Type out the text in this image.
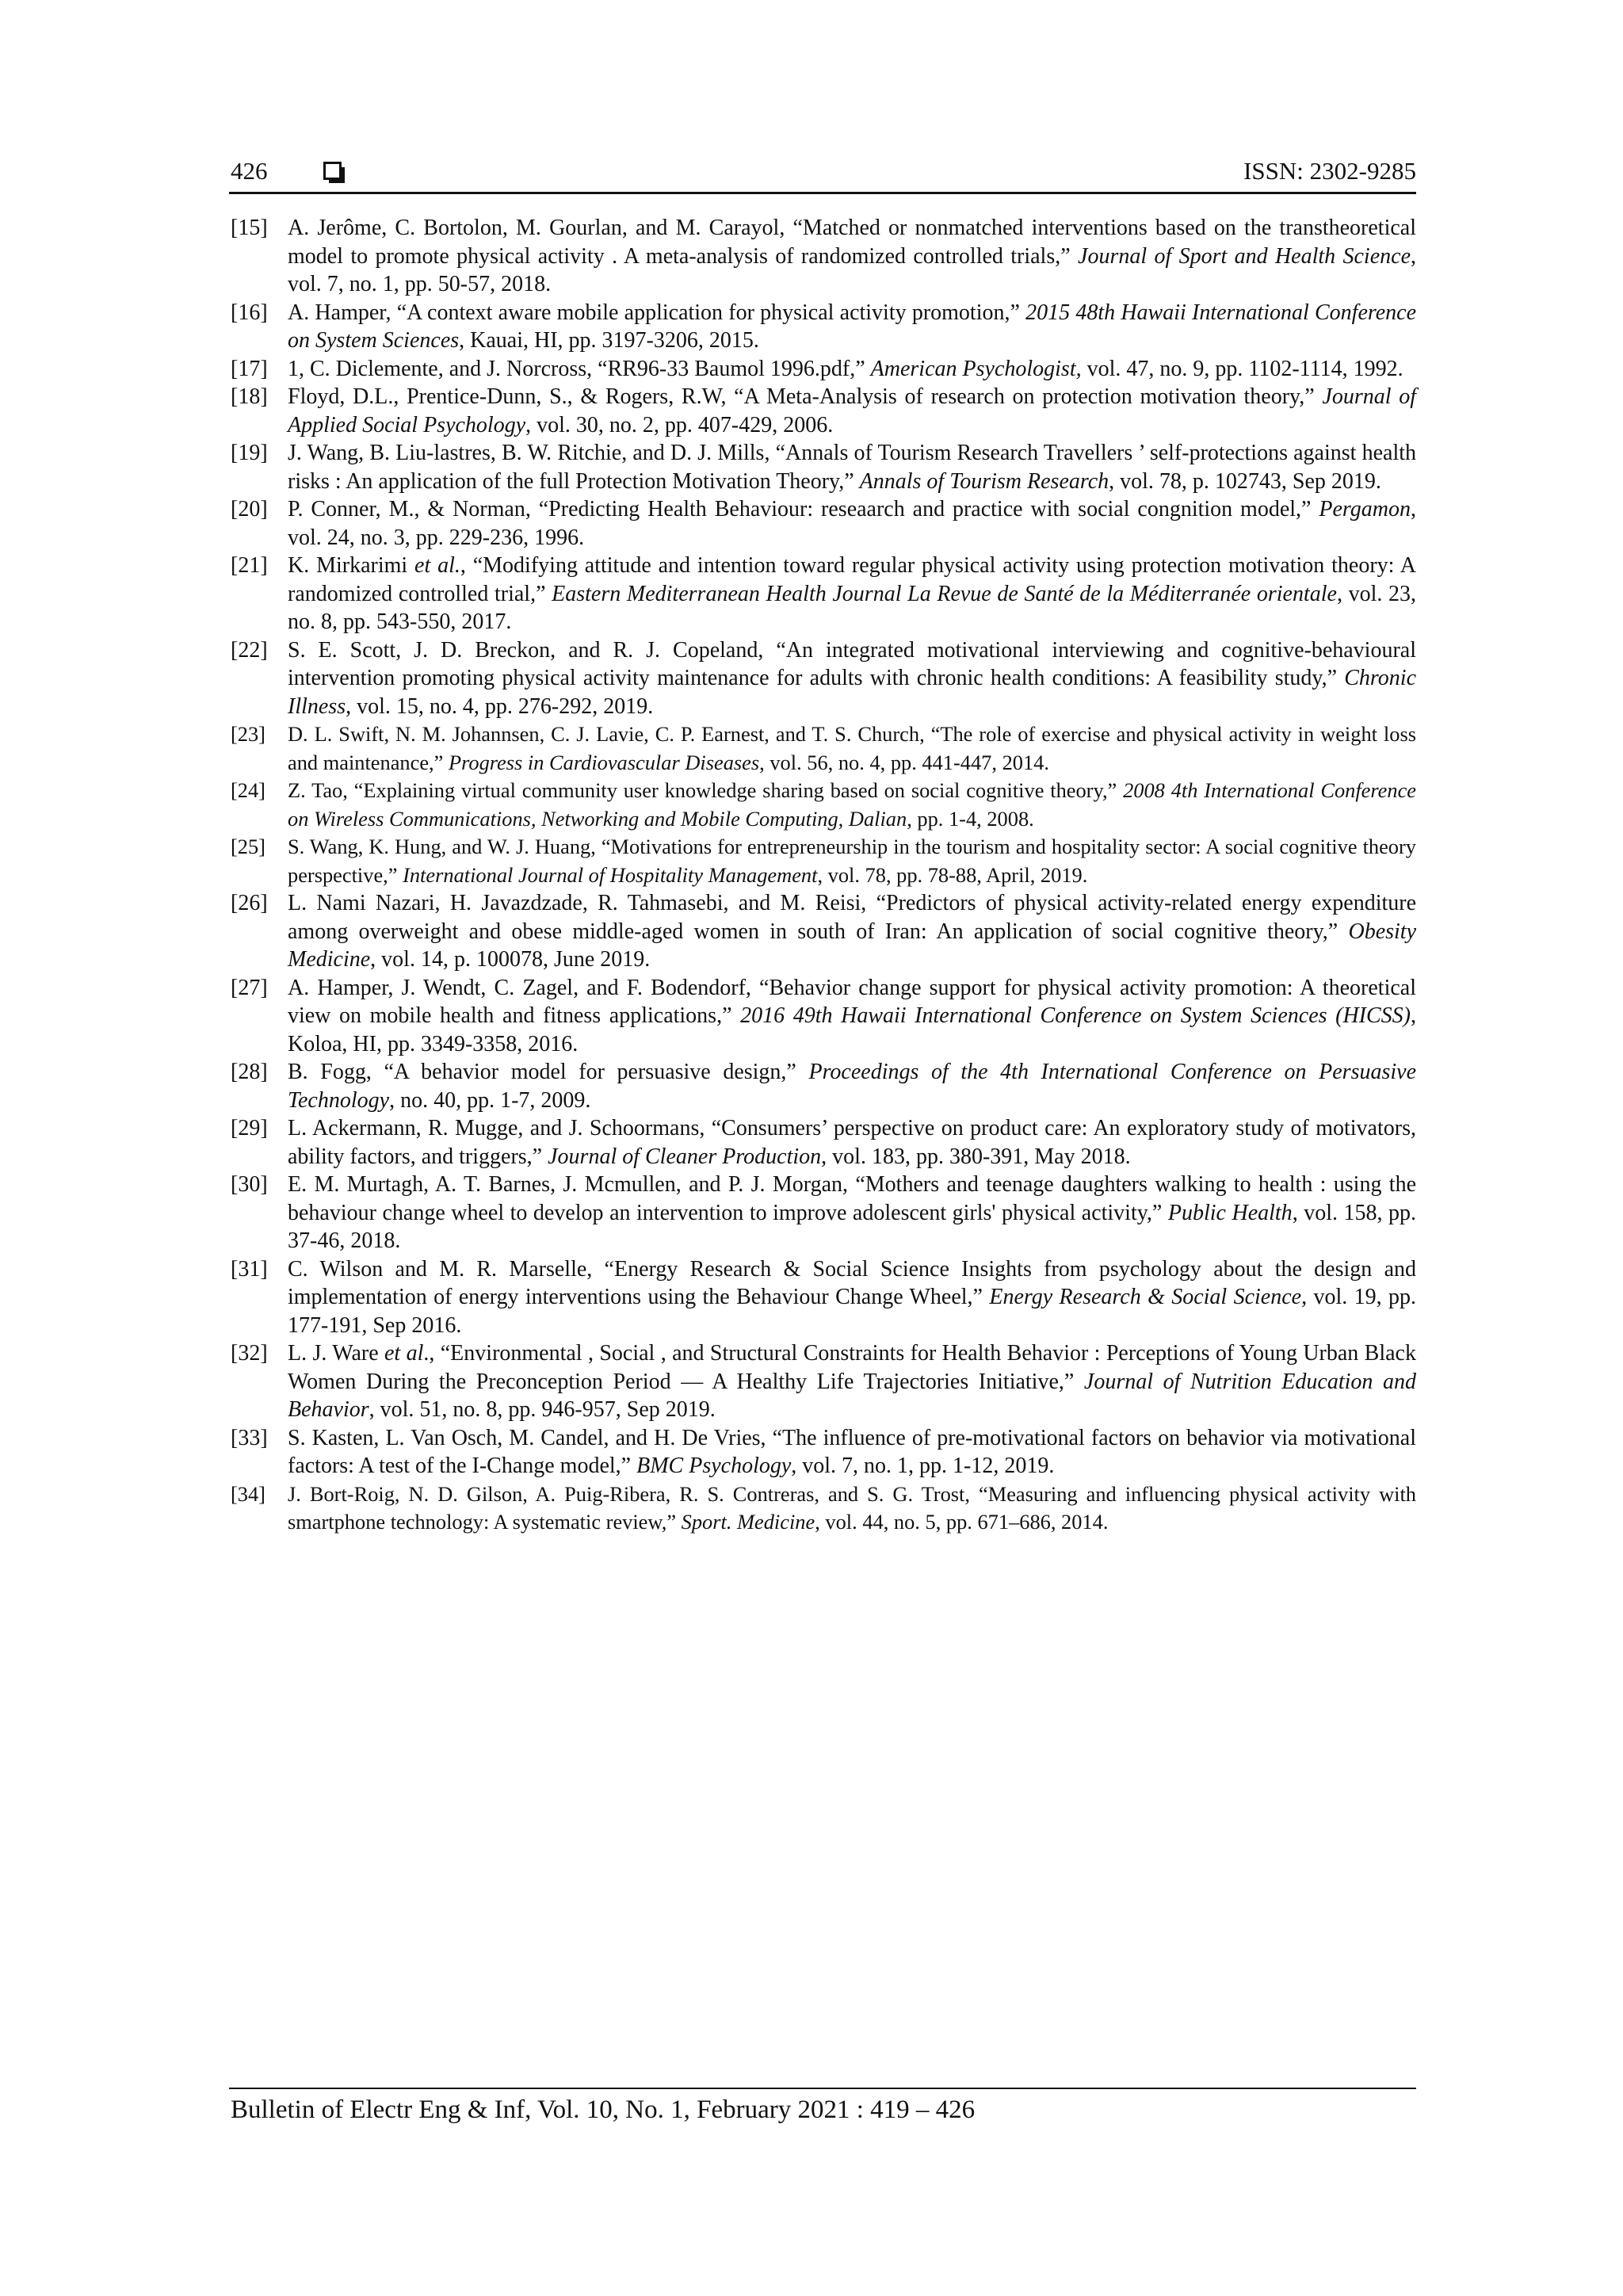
426	ISSN: 2302-9285
[15] A. Jerôme, C. Bortolon, M. Gourlan, and M. Carayol, “Matched or nonmatched interventions based on the transtheoretical model to promote physical activity . A meta-analysis of randomized controlled trials,” Journal of Sport and Health Science, vol. 7, no. 1, pp. 50-57, 2018.
[16] A. Hamper, “A context aware mobile application for physical activity promotion,” 2015 48th Hawaii International Conference on System Sciences, Kauai, HI, pp. 3197-3206, 2015.
[17] 1, C. Diclemente, and J. Norcross, “RR96-33 Baumol 1996.pdf,” American Psychologist, vol. 47, no. 9, pp. 1102-1114, 1992.
[18] Floyd, D.L., Prentice-Dunn, S., & Rogers, R.W, “A Meta-Analysis of research on protection motivation theory,” Journal of Applied Social Psychology, vol. 30, no. 2, pp. 407-429, 2006.
[19] J. Wang, B. Liu-lastres, B. W. Ritchie, and D. J. Mills, “Annals of Tourism Research Travellers ’ self-protections against health risks : An application of the full Protection Motivation Theory,” Annals of Tourism Research, vol. 78, p. 102743, Sep 2019.
[20] P. Conner, M., & Norman, “Predicting Health Behaviour: reseaarch and practice with social congnition model,” Pergamon, vol. 24, no. 3, pp. 229-236, 1996.
[21] K. Mirkarimi et al., “Modifying attitude and intention toward regular physical activity using protection motivation theory: A randomized controlled trial,” Eastern Mediterranean Health Journal La Revue de Santé de la Méditerranée orientale, vol. 23, no. 8, pp. 543-550, 2017.
[22] S. E. Scott, J. D. Breckon, and R. J. Copeland, “An integrated motivational interviewing and cognitive-behavioural intervention promoting physical activity maintenance for adults with chronic health conditions: A feasibility study,” Chronic Illness, vol. 15, no. 4, pp. 276-292, 2019.
[23]	D. L. Swift, N. M. Johannsen, C. J. Lavie, C. P. Earnest, and T. S. Church, “The role of exercise and physical activity in weight loss and maintenance,” Progress in Cardiovascular Diseases, vol. 56, no. 4, pp. 441-447, 2014.
[24]	Z. Tao, “Explaining virtual community user knowledge sharing based on social cognitive theory,” 2008 4th International Conference on Wireless Communications, Networking and Mobile Computing, Dalian, pp. 1-4, 2008.
[25]	S. Wang, K. Hung, and W. J. Huang, “Motivations for entrepreneurship in the tourism and hospitality sector: A social cognitive theory perspective,” International Journal of Hospitality Management, vol. 78, pp. 78-88, April, 2019.
[26] L. Nami Nazari, H. Javazdzade, R. Tahmasebi, and M. Reisi, “Predictors of physical activity-related energy expenditure among overweight and obese middle-aged women in south of Iran: An application of social cognitive theory,” Obesity Medicine, vol. 14, p. 100078, June 2019.
[27] A. Hamper, J. Wendt, C. Zagel, and F. Bodendorf, “Behavior change support for physical activity promotion: A theoretical view on mobile health and fitness applications,” 2016 49th Hawaii International Conference on System Sciences (HICSS), Koloa, HI, pp. 3349-3358, 2016.
[28] B. Fogg, “A behavior model for persuasive design,” Proceedings of the 4th International Conference on Persuasive Technology, no. 40, pp. 1-7, 2009.
[29] L. Ackermann, R. Mugge, and J. Schoormans, “Consumers’ perspective on product care: An exploratory study of motivators, ability factors, and triggers,” Journal of Cleaner Production, vol. 183, pp. 380-391, May 2018.
[30] E. M. Murtagh, A. T. Barnes, J. Mcmullen, and P. J. Morgan, “Mothers and teenage daughters walking to health : using the behaviour change wheel to develop an intervention to improve adolescent girls' physical activity,” Public Health, vol. 158, pp. 37-46, 2018.
[31] C. Wilson and M. R. Marselle, “Energy Research & Social Science Insights from psychology about the design and implementation of energy interventions using the Behaviour Change Wheel,” Energy Research & Social Science, vol. 19, pp. 177-191, Sep 2016.
[32] L. J. Ware et al., “Environmental , Social , and Structural Constraints for Health Behavior : Perceptions of Young Urban Black Women During the Preconception Period — A Healthy Life Trajectories Initiative,” Journal of Nutrition Education and Behavior, vol. 51, no. 8, pp. 946-957, Sep 2019.
[33] S. Kasten, L. Van Osch, M. Candel, and H. De Vries, “The influence of pre-motivational factors on behavior via motivational factors: A test of the I-Change model,” BMC Psychology, vol. 7, no. 1, pp. 1-12, 2019.
[34]	J. Bort-Roig, N. D. Gilson, A. Puig-Ribera, R. S. Contreras, and S. G. Trost, “Measuring and influencing physical activity with smartphone technology: A systematic review,” Sport. Medicine, vol. 44, no. 5, pp. 671–686, 2014.
Bulletin of Electr Eng & Inf, Vol. 10, No. 1, February 2021 : 419 – 426
